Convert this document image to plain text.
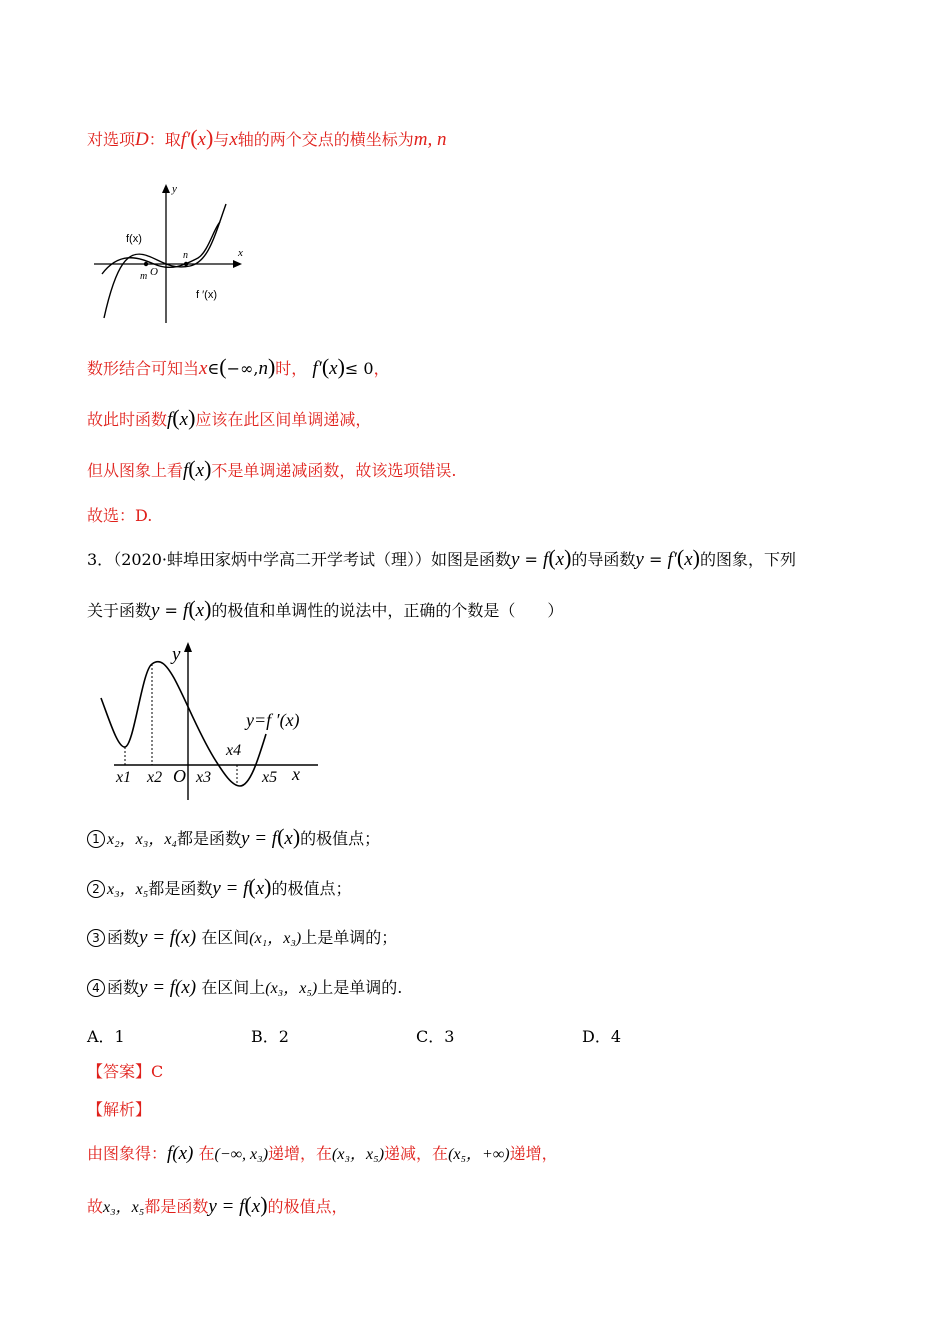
对选项D：取f′(x)与x轴的两个交点的横坐标为m, n
y
x
f(x)
n
m O
f ′(x)
数形结合可知当x∈(−∞,n)时， f′(x)≤ 0，
故此时函数f(x)应该在此区间单调递减，
但从图象上看f(x)不是单调递减函数，故该选项错误.
故选：D.
3．（2020·蚌埠田家炳中学高二开学考试（理））如图是函数y = f(x)的导函数y = f′(x)的图象，下列
关于函数y = f(x)的极值和单调性的说法中，正确的个数是（　　）
y
y=f ′(x)
x4
x1 x2 O x3	x5 x
1 x₂，x₃，x₄都是函数y = f(x)的极值点；
2 x₃，x₅都是函数y = f(x)的极值点；
3 函数y = f(x) 在区间(x₁，x₃)上是单调的；
4 函数y = f(x) 在区间上(x₃，x₅)上是单调的.
A．1	B．2	C．3	D．4
【答案】C
【解析】
由图象得：f(x) 在(−∞, x₃)递增，在(x₃，x₅)递减，在(x₅，+∞)递增，
故x₃，x₅都是函数y = f(x)的极值点，
